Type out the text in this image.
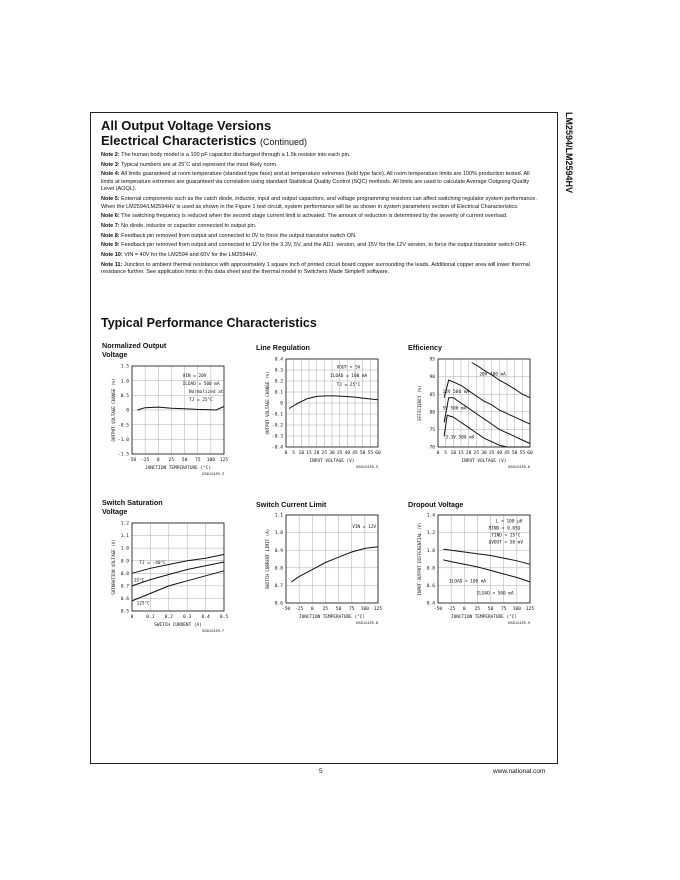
LM2594/LM2594HV
All Output Voltage Versions
Electrical Characteristics (Continued)

Note 2: The human body model is a 100 pF capacitor discharged through a 1.5k resistor into each pin.

Note 3: Typical numbers are at 25˚C and represent the most likely norm.

Note 4: All limits guaranteed at room temperature (standard type face) and at temperature extremes (bold type face). All room temperature limits are 100% production tested. All limits at temperature extremes are guaranteed via correlation using standard Statistical Quality Control (SQC) methods. All limits are used to calculate Average Outgoing Quality Level (AOQL).

Note 5: External components such as the catch diode, inductor, input and output capacitors, and voltage programming resistors can affect switching regulator system performance. When the LM2594/LM2594HV is used as shown in the Figure 1 test circuit, system performance will be as shown in system parameters section of Electrical Characteristics.

Note 6: The switching frequency is reduced when the second stage current limit is activated. The amount of reduction is determined by the severity of current overload.

Note 7: No diode, inductor or capacitor connected to output pin.

Note 8: Feedback pin removed from output and connected to 0V to force the output transistor switch ON.

Note 9: Feedback pin removed from output and connected to 12V for the 3.3V, 5V, and the ADJ. version, and 15V for the 12V version, to force the output transistor switch OFF.

Note 10: VIN = 40V for the LM2594 and 60V for the LM2594HV.

Note 11: Junction to ambient thermal resistance with approximately 1 square inch of printed circuit board copper surrounding the leads. Additional copper area will lower thermal resistance further. See application hints in this data sheet and the thermal model in Switchers Made Simple® software.

Typical Performance Characteristics

Normalized Output Voltage

-50 -25 0 25 50 75 100 125
1.5
1.0
0.5
0
-0.5
-1.0
-1.5
VIN = 20V
ILOAD = 500 mA
Normalized at
TJ = 25°C
JUNCTION TEMPERATURE (°C)
OUTPUT VOLTAGE CHANGE (%)
DS012439-3

Line Regulation

0 5 10 15 20 25 30 35 40 45 50 55 60
0.4
0.3
0.2
0.1
0
-0.1
-0.2
-0.3
-0.4
VOUT = 5V
ILOAD = 100 mA
TJ = 25°C
INPUT VOLTAGE (V)
OUTPUT VOLTAGE CHANGE (%)
DS012439-5

Efficiency

0 5 10 15 20 25 30 35 40 45 50 55 60
95
90
85
80
75
70
20V 400 mA
12V 500 mA
5V 500 mA
3.3V 500 mA
INPUT VOLTAGE (V)
EFFICIENCY (%)
DS012439-6

Switch Saturation Voltage

0	0.1 0.2 0.3 0.4 0.5
1.2
1.1
1.0
0.9
0.8
0.7
0.6
0.5
TJ = -40°C
25°C
125°C
SWITCH CURRENT (A)
SATURATION VOLTAGE (V)
DS012439-7

Switch Current Limit

-50 -25 0 25 50 75 100 125
1.1
1.0
0.9
0.8
0.7
0.6
VIN = 12V
JUNCTION TEMPERATURE (°C)
SWITCH CURRENT LIMIT (A)
DS012439-8

Dropout Voltage

-50 -25 0 25 50 75 100 125
1.4
1.2
1.0
0.8
0.6
0.4
L = 100 µH
RIND = 0.05Ω
TIND = 25°C
ΔVOUT = 50 mV
ILOAD = 100 mA
ILOAD = 500 mA
JUNCTION TEMPERATURE (°C)
INPUT-OUTPUT DIFFERENTIAL (V)
DS012439-9
5	www.national.com
